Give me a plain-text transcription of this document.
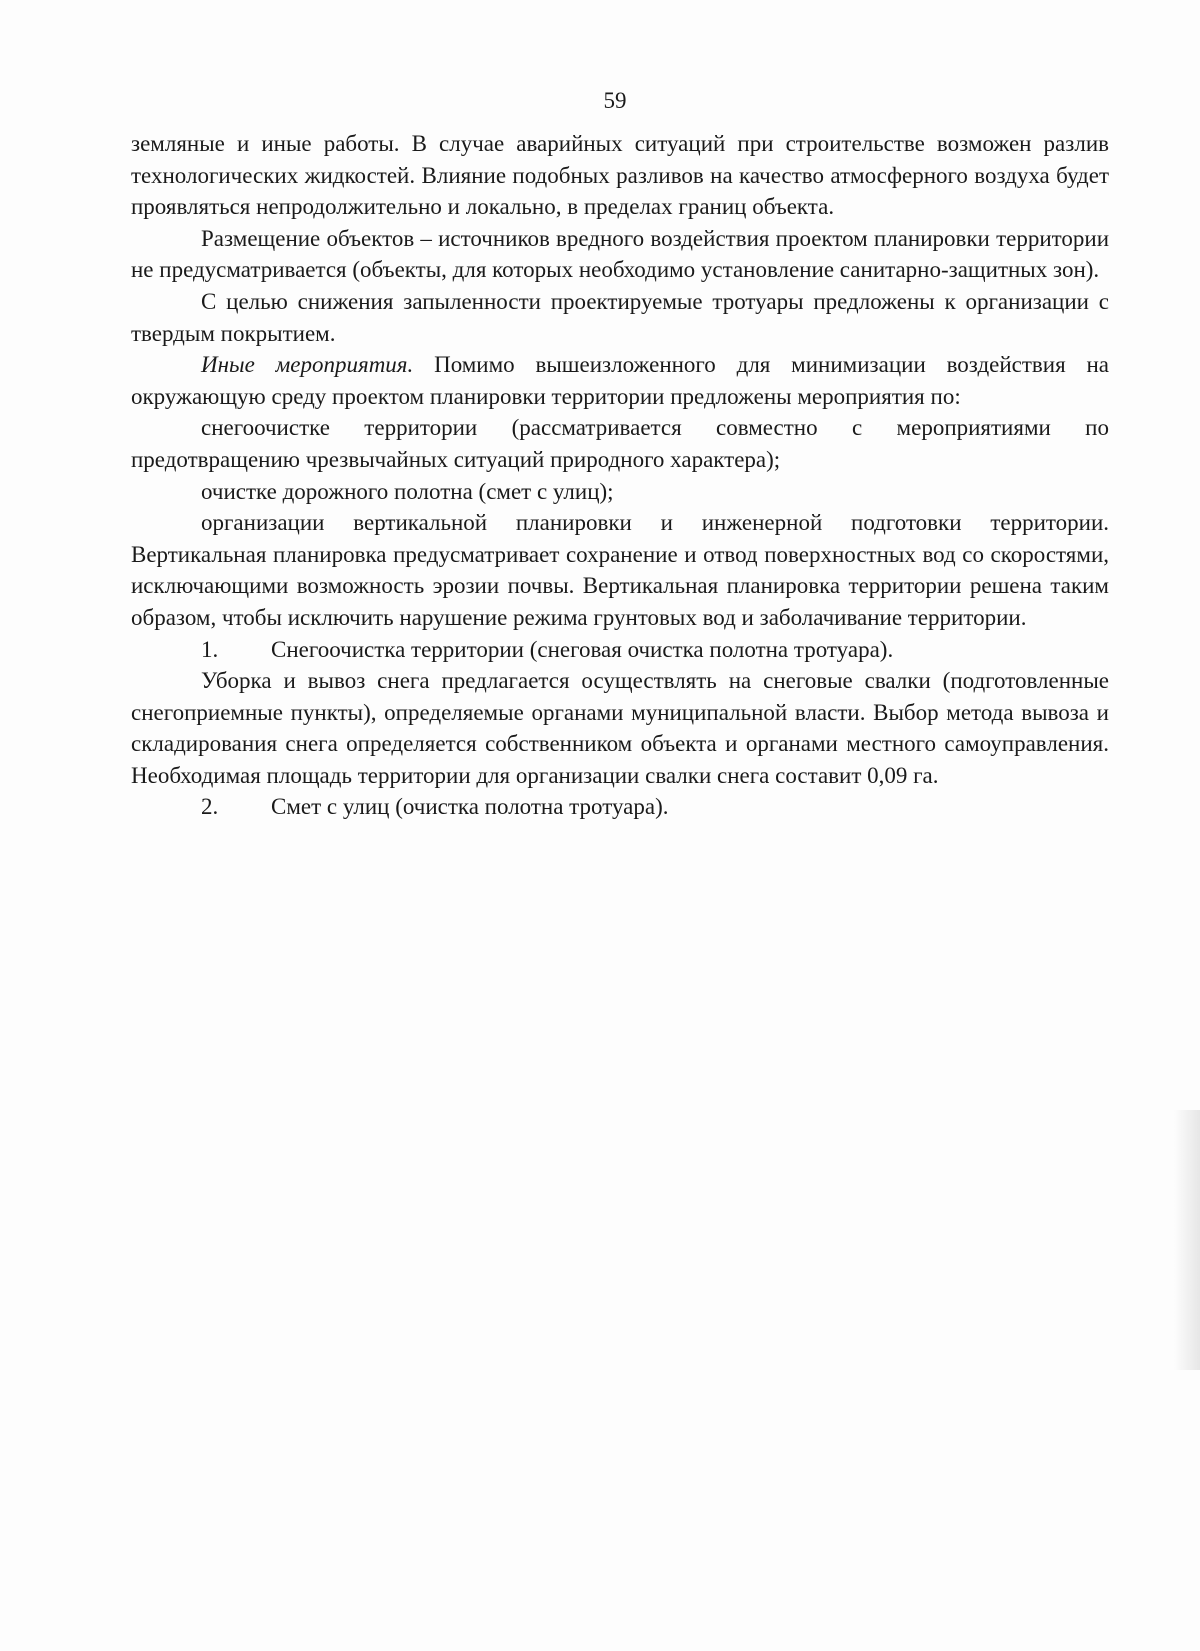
59

земляные и иные работы. В случае аварийных ситуаций при строительстве возможен разлив технологических жидкостей. Влияние подобных разливов на качество атмосферного воздуха будет проявляться непродолжительно и локально, в пределах границ объекта.

Размещение объектов – источников вредного воздействия проектом планировки территории не предусматривается (объекты, для которых необходимо установление санитарно-защитных зон).

С целью снижения запыленности проектируемые тротуары предложены к организации с твердым покрытием.

Иные мероприятия. Помимо вышеизложенного для минимизации воздействия на окружающую среду проектом планировки территории предложены мероприятия по:

снегоочистке территории (рассматривается совместно с мероприятиями по предотвращению чрезвычайных ситуаций природного характера);

очистке дорожного полотна (смет с улиц);

организации вертикальной планировки и инженерной подготовки территории. Вертикальная планировка предусматривает сохранение и отвод поверхностных вод со скоростями, исключающими возможность эрозии почвы. Вертикальная планировка территории решена таким образом, чтобы исключить нарушение режима грунтовых вод и заболачивание территории.

1. Снегоочистка территории (снеговая очистка полотна тротуара).

Уборка и вывоз снега предлагается осуществлять на снеговые свалки (подготовленные снегоприемные пункты), определяемые органами муниципальной власти. Выбор метода вывоза и складирования снега определяется собственником объекта и органами местного самоуправления. Необходимая площадь территории для организации свалки снега составит 0,09 га.

2. Смет с улиц (очистка полотна тротуара).
